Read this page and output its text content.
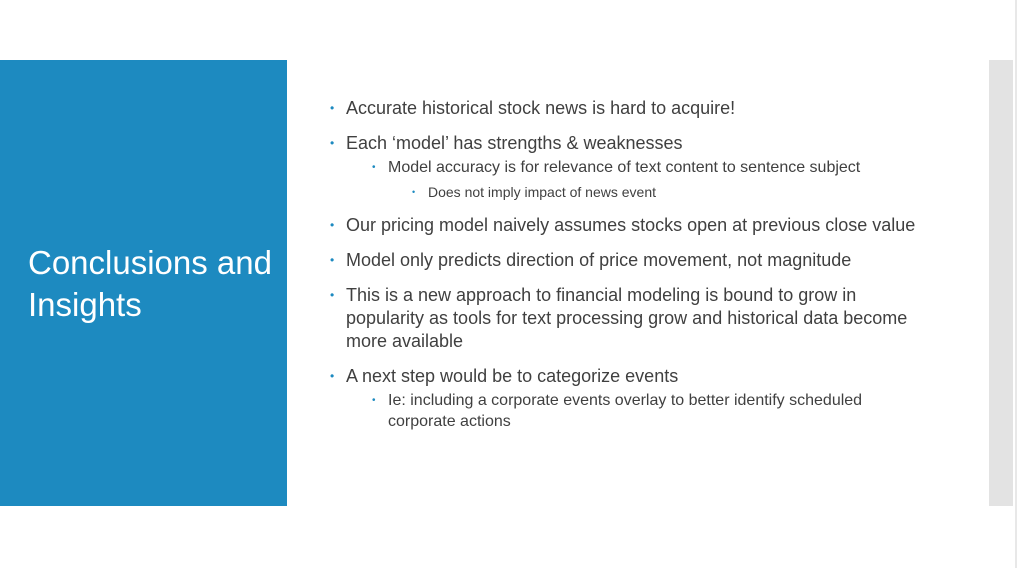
Conclusions and Insights
• Accurate historical stock news is hard to acquire!
• Each ‘model’ has strengths & weaknesses
• Model accuracy is for relevance of text content to sentence subject
• Does not imply impact of news event
• Our pricing model naively assumes stocks open at previous close value
• Model only predicts direction of price movement, not magnitude
• This is a new approach to financial modeling is bound to grow in popularity as tools for text processing grow and historical data become more available
• A next step would be to categorize events
• Ie: including a corporate events overlay to better identify scheduled corporate actions
